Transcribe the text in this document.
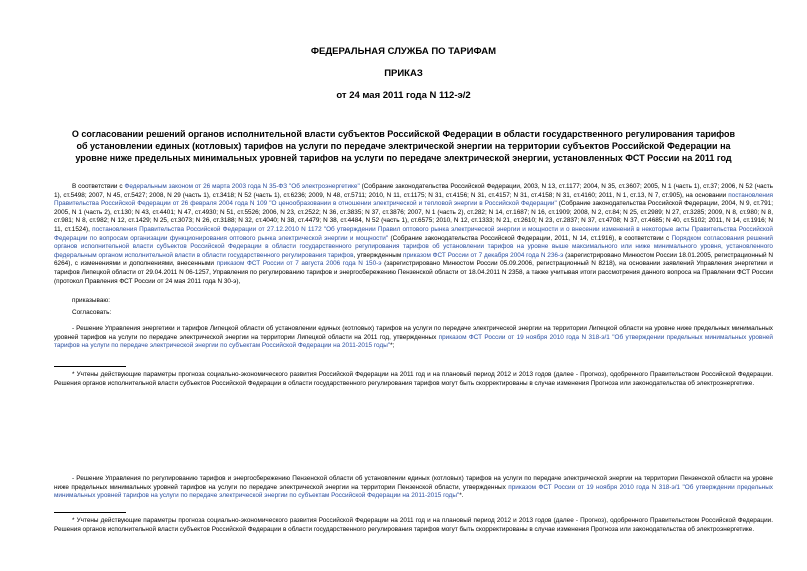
ФЕДЕРАЛЬНАЯ СЛУЖБА ПО ТАРИФАМ
ПРИКАЗ
от 24 мая 2011 года N 112-э/2
О согласовании решений органов исполнительной власти субъектов Российской Федерации в области государственного регулирования тарифов об установлении единых (котловых) тарифов на услуги по передаче электрической энергии на территории субъектов Российской Федерации на уровне ниже предельных минимальных уровней тарифов на услуги по передаче электрической энергии, установленных ФСТ России на 2011 год
В соответствии с Федеральным законом от 26 марта 2003 года N 35-ФЗ "Об электроэнергетике" (Собрание законодательства Российской Федерации, 2003, N 13, ст.1177; 2004, N 35, ст.3607; 2005, N 1 (часть 1), ст.37; 2006, N 52 (часть 1), ст.5498; 2007, N 45, ст.5427; 2008, N 29 (часть 1), ст.3418; N 52 (часть 1), ст.6236; 2009, N 48, ст.5711; 2010, N 11, ст.1175; N 31, ст.4156; N 31, ст.4157; N 31, ст.4158; N 31, ст.4160; 2011, N 1, ст.13, N 7, ст.905), на основании постановления Правительства Российской Федерации от 26 февраля 2004 года N 109 "О ценообразовании в отношении электрической и тепловой энергии в Российской Федерации" (Собрание законодательства Российской Федерации, 2004, N 9, ст.791; 2005, N 1 (часть 2), ст.130; N 43, ст.4401; N 47, ст.4930; N 51, ст.5526; 2006, N 23, ст.2522; N 36, ст.3835; N 37, ст.3876; 2007, N 1 (часть 2), ст.282; N 14, ст.1687; N 16, ст.1909; 2008, N 2, ст.84; N 25, ст.2989; N 27, ст.3285; 2009, N 8, ст.980; N 8, ст.981; N 8, ст.982; N 12, ст.1429; N 25, ст.3073; N 26, ст.3188; N 32, ст.4040; N 38, ст.4479; N 38, ст.4484, N 52 (часть 1), ст.6575; 2010, N 12, ст.1333; N 21, ст.2610; N 23, ст.2837; N 37, ст.4708; N 37, ст.4685; N 40, ст.5102; 2011, N 14, ст.1916; N 11, ст.1524), постановления Правительства Российской Федерации от 27.12.2010 N 1172 "Об утверждении Правил оптового рынка электрической энергии и мощности и о внесении изменений в некоторые акты Правительства Российской Федерации по вопросам организации функционирования оптового рынка электрической энергии и мощности" (Собрание законодательства Российской Федерации, 2011, N 14, ст.1916), в соответствии с Порядком согласования решений органов исполнительной власти субъектов Российской Федерации в области государственного регулирования тарифов об установлении тарифов на уровне выше максимального или ниже минимального уровня, установленного федеральным органом исполнительной власти в области государственного регулирования тарифов, утвержденным приказом ФСТ России от 7 декабря 2004 года N 236-э (зарегистрировано Минюстом России 18.01.2005, регистрационный N 6264), с изменениями и дополнениями, внесенными приказом ФСТ России от 7 августа 2006 года N 150-э (зарегистрировано Минюстом России 05.09.2006, регистрационный N 8218), на основании заявлений Управления энергетики и тарифов Липецкой области от 29.04.2011 N 06-1257, Управления по регулированию тарифов и энергосбережению Пензенской области от 18.04.2011 N 2358, а также учитывая итоги рассмотрения данного вопроса на Правлении ФСТ России (протокол Правления ФСТ России от 24 мая 2011 года N 30-э),
приказываю:
Согласовать:
- Решение Управления энергетики и тарифов Липецкой области об установлении единых (котловых) тарифов на услуги по передаче электрической энергии на территории Липецкой области на уровне ниже предельных минимальных уровней тарифов на услуги по передаче электрической энергии на территории Липецкой области на 2011 год, утвержденных приказом ФСТ России от 19 ноября 2010 года N 318-э/1 "Об утверждении предельных минимальных уровней тарифов на услуги по передаче электрической энергии по субъектам Российской Федерации на 2011-2015 годы"*;
* Учтены действующие параметры прогноза социально-экономического развития Российской Федерации на 2011 год и на плановый период 2012 и 2013 годов (далее - Прогноз), одобренного Правительством Российской Федерации. Решения органов исполнительной власти субъектов Российской Федерации в области государственного регулирования тарифов могут быть скорректированы в случае изменения Прогноза или законодательства об электроэнергетике.
- Решение Управления по регулированию тарифов и энергосбережению Пензенской области об установлении единых (котловых) тарифов на услуги по передаче электрической энергии на территории Пензенской области на уровне ниже предельных минимальных уровней тарифов на услуги по передаче электрической энергии на территории Пензенской области, утвержденных приказом ФСТ России от 19 ноября 2010 года N 318-э/1 "Об утверждении предельных минимальных уровней тарифов на услуги по передаче электрической энергии по субъектам Российской Федерации на 2011-2015 годы"*.
* Учтены действующие параметры прогноза социально-экономического развития Российской Федерации на 2011 год и на плановый период 2012 и 2013 годов (далее - Прогноз), одобренного Правительством Российской Федерации. Решения органов исполнительной власти субъектов Российской Федерации в области государственного регулирования тарифов могут быть скорректированы в случае изменения Прогноза или законодательства об электроэнергетике.
